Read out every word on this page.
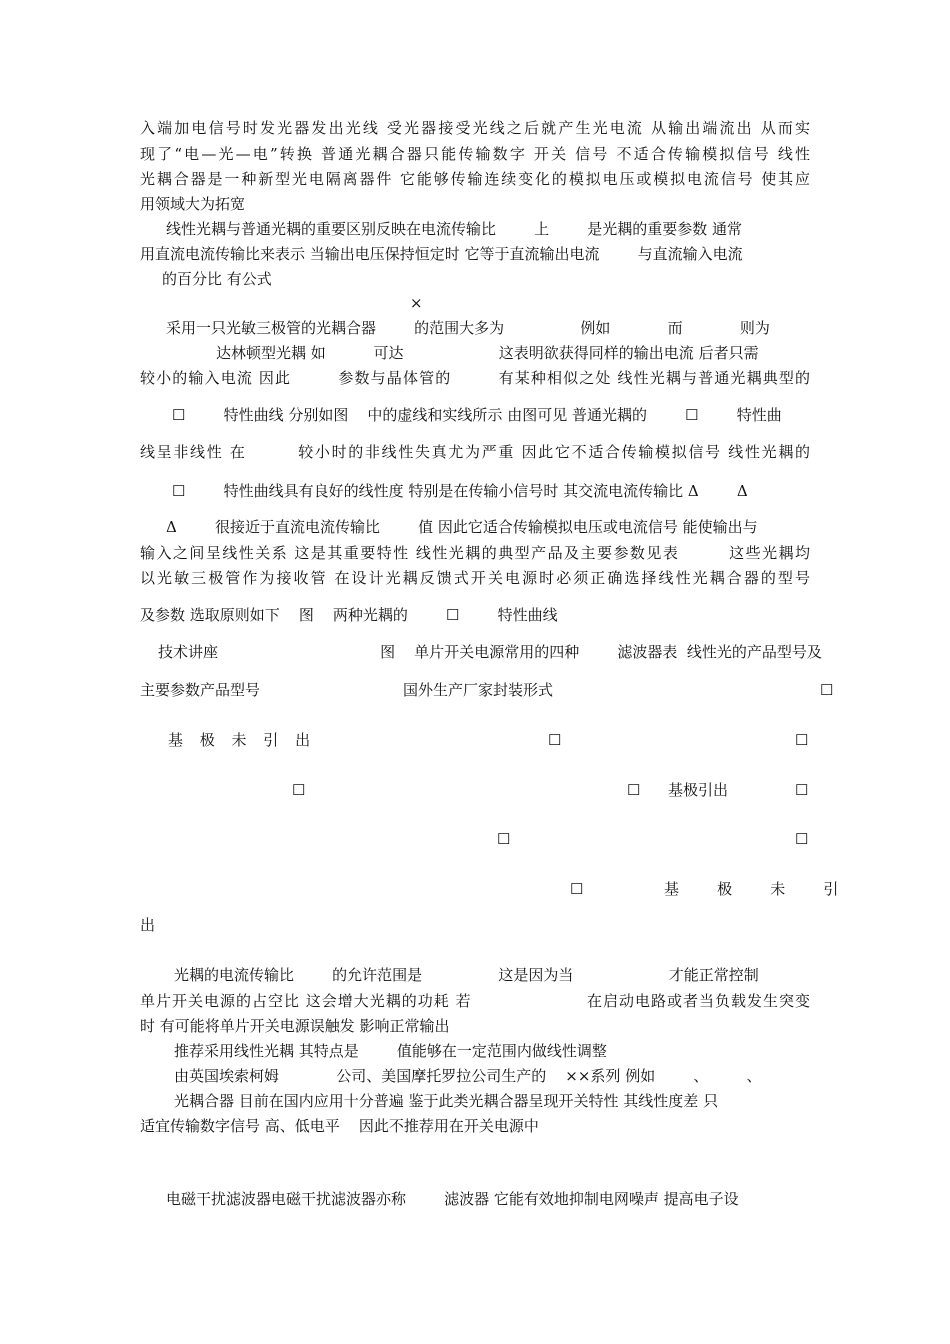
入端加电信号时发光器发出光线 受光器接受光线之后就产生光电流 从输出端流出 从而实
现了“电—光—电”转换 普通光耦合器只能传输数字 开关 信号 不适合传输模拟信号 线性
光耦合器是一种新型光电隔离器件 它能够传输连续变化的模拟电压或模拟电流信号 使其应
用领域大为拓宽
线性光耦与普通光耦的重要区别反映在电流传输比        上        是光耦的重要参数 通常
用直流电流传输比来表示 当输出电压保持恒定时 它等于直流输出电流        与直流输入电流
的百分比 有公式
×
采用一只光敏三极管的光耦合器        的范围大多为                例如            而            则为
达林顿型光耦 如          可达                    这表明欲获得同样的输出电流 后者只需
较小的输入电流 因此        参数与晶体管的        有某种相似之处 线性光耦与普通光耦典型的
☐        特性曲线 分别如图    中的虚线和实线所示 由图可见 普通光耦的        ☐        特性曲
线呈非线性 在        较小时的非线性失真尤为严重 因此它不适合传输模拟信号 线性光耦的
☐        特性曲线具有良好的线性度 特别是在传输小信号时 其交流电流传输比 Δ        Δ
Δ        很接近于直流电流传输比        值 因此它适合传输模拟电压或电流信号 能使输出与
输入之间呈线性关系 这是其重要特性 线性光耦的典型产品及主要参数见表        这些光耦均
以光敏三极管作为接收管 在设计光耦反馈式开关电源时必须正确选择线性光耦合器的型号
及参数 选取原则如下    图    两种光耦的        ☐        特性曲线
技术讲座                                  图    单片开关电源常用的四种        滤波器表  线性光的产品型号及
主要参数产品型号                              国外生产厂家封装形式                                                        ☐
基 极 未 引 出	☐	☐
☐	☐ 基极引出	☐
☐	☐
☐	基        极        未        引
出
光耦的电流传输比        的允许范围是                这是因为当                    才能正常控制
单片开关电源的占空比 这会增大光耦的功耗 若                    在启动电路或者当负载发生突变
时 有可能将单片开关电源误触发 影响正常输出
推荐采用线性光耦 其特点是        值能够在一定范围内做线性调整
由英国埃索柯姆            公司、美国摩托罗拉公司生产的    ××系列 例如        、        、
光耦合器 目前在国内应用十分普遍 鉴于此类光耦合器呈现开关特性 其线性度差 只
适宜传输数字信号 高、低电平    因此不推荐用在开关电源中
电磁干扰滤波器电磁干扰滤波器亦称        滤波器 它能有效地抑制电网噪声 提高电子设
